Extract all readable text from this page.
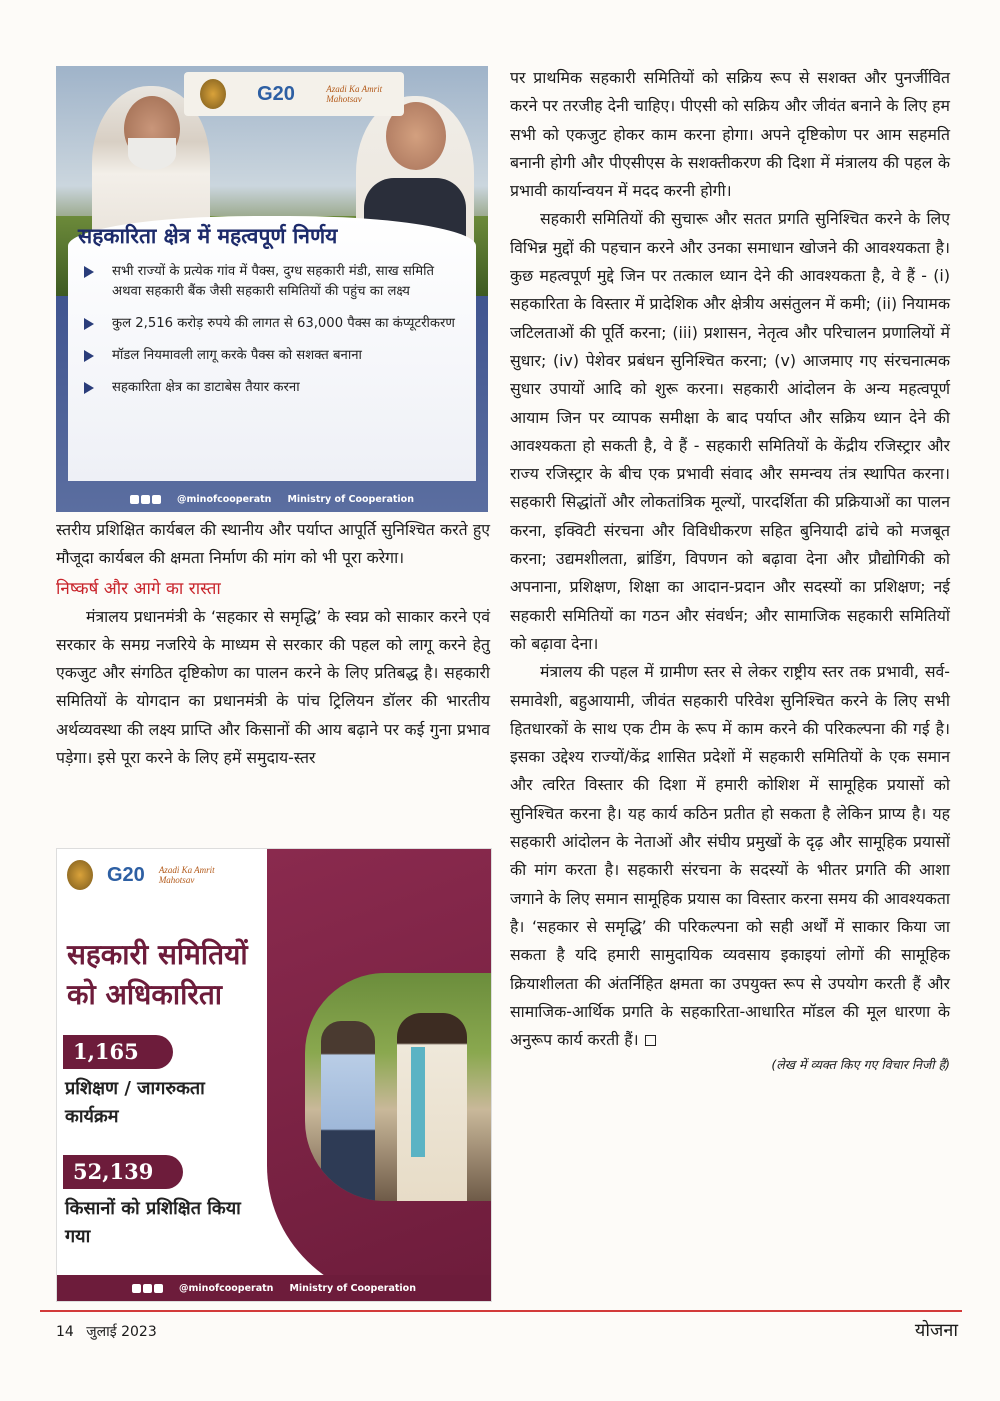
G20	Azadi Ka Amrit Mahotsav
सहकारिता क्षेत्र में महत्वपूर्ण निर्णय
सभी राज्यों के प्रत्येक गांव में पैक्स, दुग्ध सहकारी मंडी, साख समिति अथवा सहकारी बैंक जैसी सहकारी समितियों की पहुंच का लक्ष्य
कुल 2,516 करोड़ रुपये की लागत से 63,000 पैक्स का कंप्यूटरीकरण
मॉडल नियमावली लागू करके पैक्स को सशक्त बनाना
सहकारिता क्षेत्र का डाटाबेस तैयार करना
@minofcooperatn Ministry of Cooperation

स्तरीय प्रशिक्षित कार्यबल की स्थानीय और पर्याप्त आपूर्ति सुनिश्चित करते हुए मौजूदा कार्यबल की क्षमता निर्माण की मांग को भी पूरा करेगा।

निष्कर्ष और आगे का रास्ता

मंत्रालय प्रधानमंत्री के ‘सहकार से समृद्धि’ के स्वप्न को साकार करने एवं सरकार के समग्र नजरिये के माध्यम से सरकार की पहल को लागू करने हेतु एकजुट और संगठित दृष्टिकोण का पालन करने के लिए प्रतिबद्ध है। सहकारी समितियों के योगदान का प्रधानमंत्री के पांच ट्रिलियन डॉलर की भारतीय अर्थव्यवस्था की लक्ष्य प्राप्ति और किसानों की आय बढ़ाने पर कई गुना प्रभाव पड़ेगा। इसे पूरा करने के लिए हमें समुदाय-स्तर

G20 Azadi Ka Amrit Mahotsav
सहकारी समितियों
को अधिकारिता
1,165
प्रशिक्षण / जागरुकता कार्यक्रम
52,139
किसानों को प्रशिक्षित किया गया
@minofcooperatn Ministry of Cooperation

पर प्राथमिक सहकारी समितियों को सक्रिय रूप से सशक्त और पुनर्जीवित करने पर तरजीह देनी चाहिए। पीएसी को सक्रिय और जीवंत बनाने के लिए हम सभी को एकजुट होकर काम करना होगा। अपने दृष्टिकोण पर आम सहमति बनानी होगी और पीएसीएस के सशक्तीकरण की दिशा में मंत्रालय की पहल के प्रभावी कार्यान्वयन में मदद करनी होगी।

सहकारी समितियों की सुचारू और सतत प्रगति सुनिश्चित करने के लिए विभिन्न मुद्दों की पहचान करने और उनका समाधान खोजने की आवश्यकता है। कुछ महत्वपूर्ण मुद्दे जिन पर तत्काल ध्यान देने की आवश्यकता है, वे हैं - (i) सहकारिता के विस्तार में प्रादेशिक और क्षेत्रीय असंतुलन में कमी; (ii) नियामक जटिलताओं की पूर्ति करना; (iii) प्रशासन, नेतृत्व और परिचालन प्रणालियों में सुधार; (iv) पेशेवर प्रबंधन सुनिश्चित करना; (v) आजमाए गए संरचनात्मक सुधार उपायों आदि को शुरू करना। सहकारी आंदोलन के अन्य महत्वपूर्ण आयाम जिन पर व्यापक समीक्षा के बाद पर्याप्त और सक्रिय ध्यान देने की आवश्यकता हो सकती है, वे हैं - सहकारी समितियों के केंद्रीय रजिस्ट्रार और राज्य रजिस्ट्रार के बीच एक प्रभावी संवाद और समन्वय तंत्र स्थापित करना। सहकारी सिद्धांतों और लोकतांत्रिक मूल्यों, पारदर्शिता की प्रक्रियाओं का पालन करना, इक्विटी संरचना और विविधीकरण सहित बुनियादी ढांचे को मजबूत करना; उद्यमशीलता, ब्रांडिंग, विपणन को बढ़ावा देना और प्रौद्योगिकी को अपनाना, प्रशिक्षण, शिक्षा का आदान-प्रदान और सदस्यों का प्रशिक्षण; नई सहकारी समितियों का गठन और संवर्धन; और सामाजिक सहकारी समितियों को बढ़ावा देना।

मंत्रालय की पहल में ग्रामीण स्तर से लेकर राष्ट्रीय स्तर तक प्रभावी, सर्व-समावेशी, बहुआयामी, जीवंत सहकारी परिवेश सुनिश्चित करने के लिए सभी हितधारकों के साथ एक टीम के रूप में काम करने की परिकल्पना की गई है। इसका उद्देश्य राज्यों/केंद्र शासित प्रदेशों में सहकारी समितियों के एक समान और त्वरित विस्तार की दिशा में हमारी कोशिश में सामूहिक प्रयासों को सुनिश्चित करना है। यह कार्य कठिन प्रतीत हो सकता है लेकिन प्राप्य है। यह सहकारी आंदोलन के नेताओं और संघीय प्रमुखों के दृढ़ और सामूहिक प्रयासों की मांग करता है। सहकारी संरचना के सदस्यों के भीतर प्रगति की आशा जगाने के लिए समान सामूहिक प्रयास का विस्तार करना समय की आवश्यकता है। ‘सहकार से समृद्धि’ की परिकल्पना को सही अर्थों में साकार किया जा सकता है यदि हमारी सामुदायिक व्यवसाय इकाइयां लोगों की सामूहिक क्रियाशीलता की अंतर्निहित क्षमता का उपयुक्त रूप से उपयोग करती हैं और सामाजिक-आर्थिक प्रगति के सहकारिता-आधारित मॉडल की मूल धारणा के अनुरूप कार्य करती हैं।

(लेख में व्यक्त किए गए विचार निजी हैं)
14 जुलाई 2023	योजना
